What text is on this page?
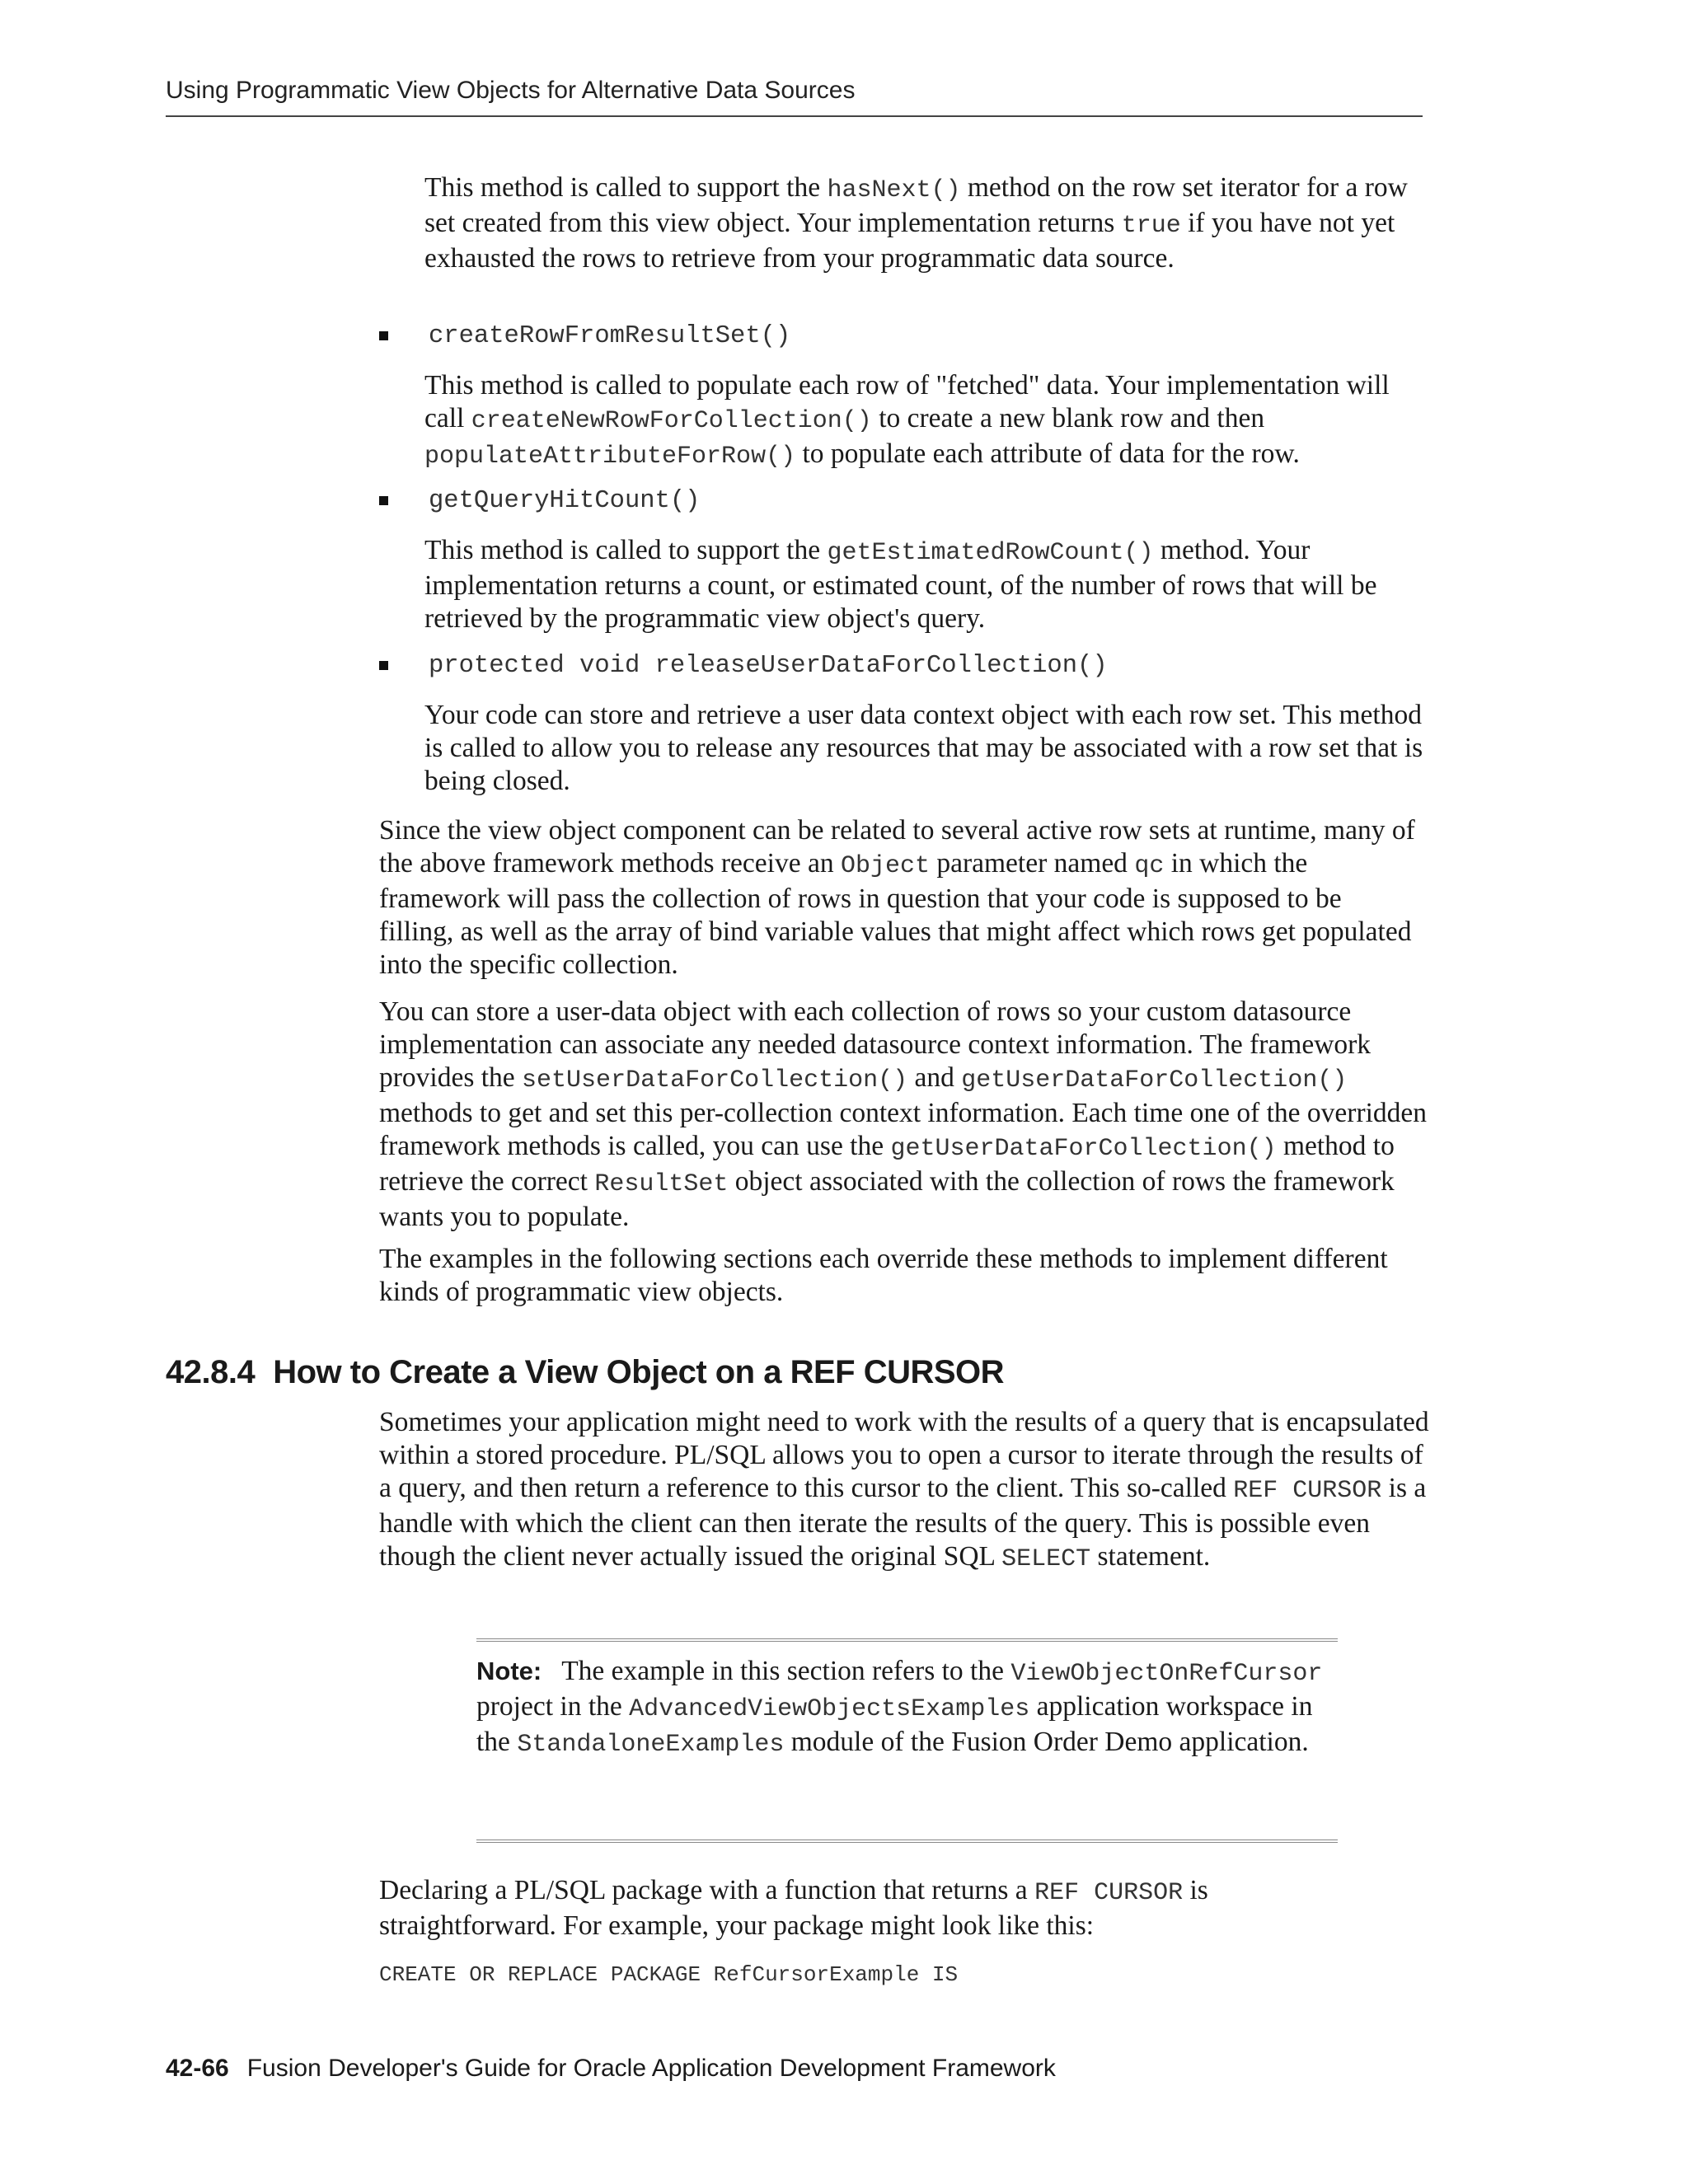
Using Programmatic View Objects for Alternative Data Sources

This method is called to support the hasNext() method on the row set iterator for a row set created from this view object. Your implementation returns true if you have not yet exhausted the rows to retrieve from your programmatic data source.

createRowFromResultSet()

This method is called to populate each row of "fetched" data. Your implementation will call createNewRowForCollection() to create a new blank row and then populateAttributeForRow() to populate each attribute of data for the row.

getQueryHitCount()

This method is called to support the getEstimatedRowCount() method. Your implementation returns a count, or estimated count, of the number of rows that will be retrieved by the programmatic view object's query.

protected void releaseUserDataForCollection()

Your code can store and retrieve a user data context object with each row set. This method is called to allow you to release any resources that may be associated with a row set that is being closed.

Since the view object component can be related to several active row sets at runtime, many of the above framework methods receive an Object parameter named qc in which the framework will pass the collection of rows in question that your code is supposed to be filling, as well as the array of bind variable values that might affect which rows get populated into the specific collection.

You can store a user-data object with each collection of rows so your custom datasource implementation can associate any needed datasource context information. The framework provides the setUserDataForCollection() and getUserDataForCollection() methods to get and set this per-collection context information. Each time one of the overridden framework methods is called, you can use the getUserDataForCollection() method to retrieve the correct ResultSet object associated with the collection of rows the framework wants you to populate.

The examples in the following sections each override these methods to implement different kinds of programmatic view objects.

42.8.4 How to Create a View Object on a REF CURSOR

Sometimes your application might need to work with the results of a query that is encapsulated within a stored procedure. PL/SQL allows you to open a cursor to iterate through the results of a query, and then return a reference to this cursor to the client. This so-called REF CURSOR is a handle with which the client can then iterate the results of the query. This is possible even though the client never actually issued the original SQL SELECT statement.

Note: The example in this section refers to the ViewObjectOnRefCursor project in the AdvancedViewObjectsExamples application workspace in the StandaloneExamples module of the Fusion Order Demo application.

Declaring a PL/SQL package with a function that returns a REF CURSOR is straightforward. For example, your package might look like this:

CREATE OR REPLACE PACKAGE RefCursorExample IS
42-66 Fusion Developer's Guide for Oracle Application Development Framework
